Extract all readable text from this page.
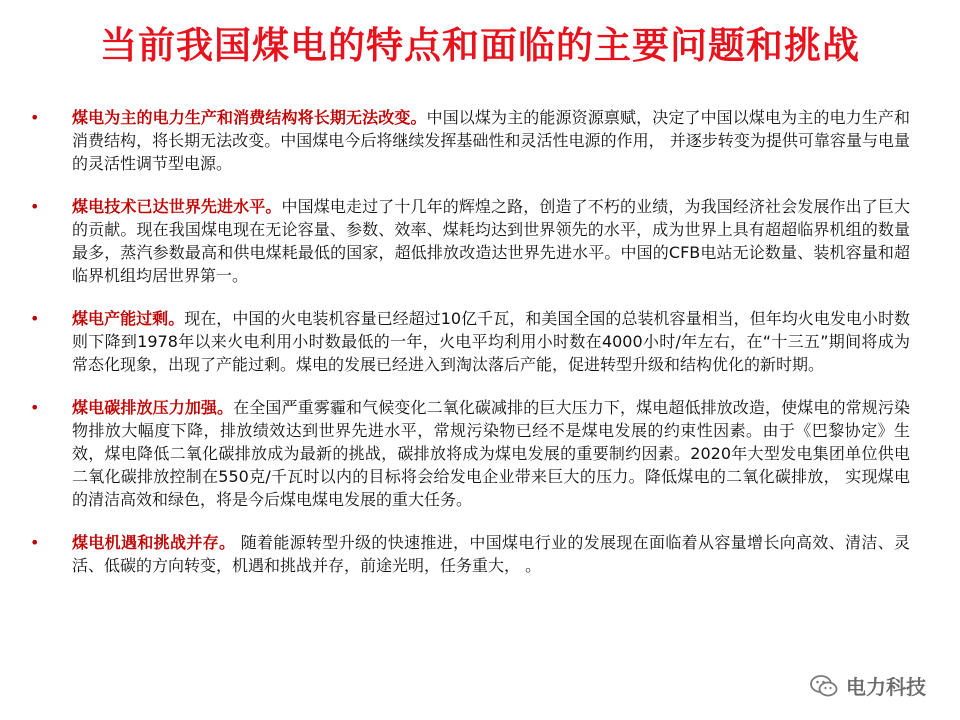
当前我国煤电的特点和面临的主要问题和挑战
• 煤电为主的电力生产和消费结构将长期无法改变。中国以煤为主的能源资源禀赋，决定了中国以煤电为主的电力生产和消费结构，将长期无法改变。中国煤电今后将继续发挥基础性和灵活性电源的作用， 并逐步转变为提供可靠容量与电量的灵活性调节型电源。
• 煤电技术已达世界先进水平。中国煤电走过了十几年的辉煌之路，创造了不朽的业绩，为我国经济社会发展作出了巨大的贡献。现在我国煤电现在无论容量、参数、效率、煤耗均达到世界领先的水平，成为世界上具有超超临界机组的数量最多，蒸汽参数最高和供电煤耗最低的国家，超低排放改造达世界先进水平。中国的CFB电站无论数量、装机容量和超临界机组均居世界第一。
• 煤电产能过剩。现在，中国的火电装机容量已经超过10亿千瓦，和美国全国的总装机容量相当，但年均火电发电小时数则下降到1978年以来火电利用小时数最低的一年，火电平均利用小时数在4000小时/年左右，在“十三五”期间将成为常态化现象，出现了产能过剩。煤电的发展已经进入到淘汰落后产能，促进转型升级和结构优化的新时期。
• 煤电碳排放压力加强。在全国严重雾霾和气候变化二氧化碳减排的巨大压力下，煤电超低排放改造，使煤电的常规污染物排放大幅度下降，排放绩效达到世界先进水平，常规污染物已经不是煤电发展的约束性因素。由于《巴黎协定》生效，煤电降低二氧化碳排放成为最新的挑战，碳排放将成为煤电发展的重要制约因素。2020年大型发电集团单位供电二氧化碳排放控制在550克/千瓦时以内的目标将会给发电企业带来巨大的压力。降低煤电的二氧化碳排放， 实现煤电的清洁高效和绿色，将是今后煤电煤电发展的重大任务。
• 煤电机遇和挑战并存。 随着能源转型升级的快速推进，中国煤电行业的发展现在面临着从容量增长向高效、清洁、灵活、低碳的方向转变，机遇和挑战并存，前途光明，任务重大， 。
电力科技
